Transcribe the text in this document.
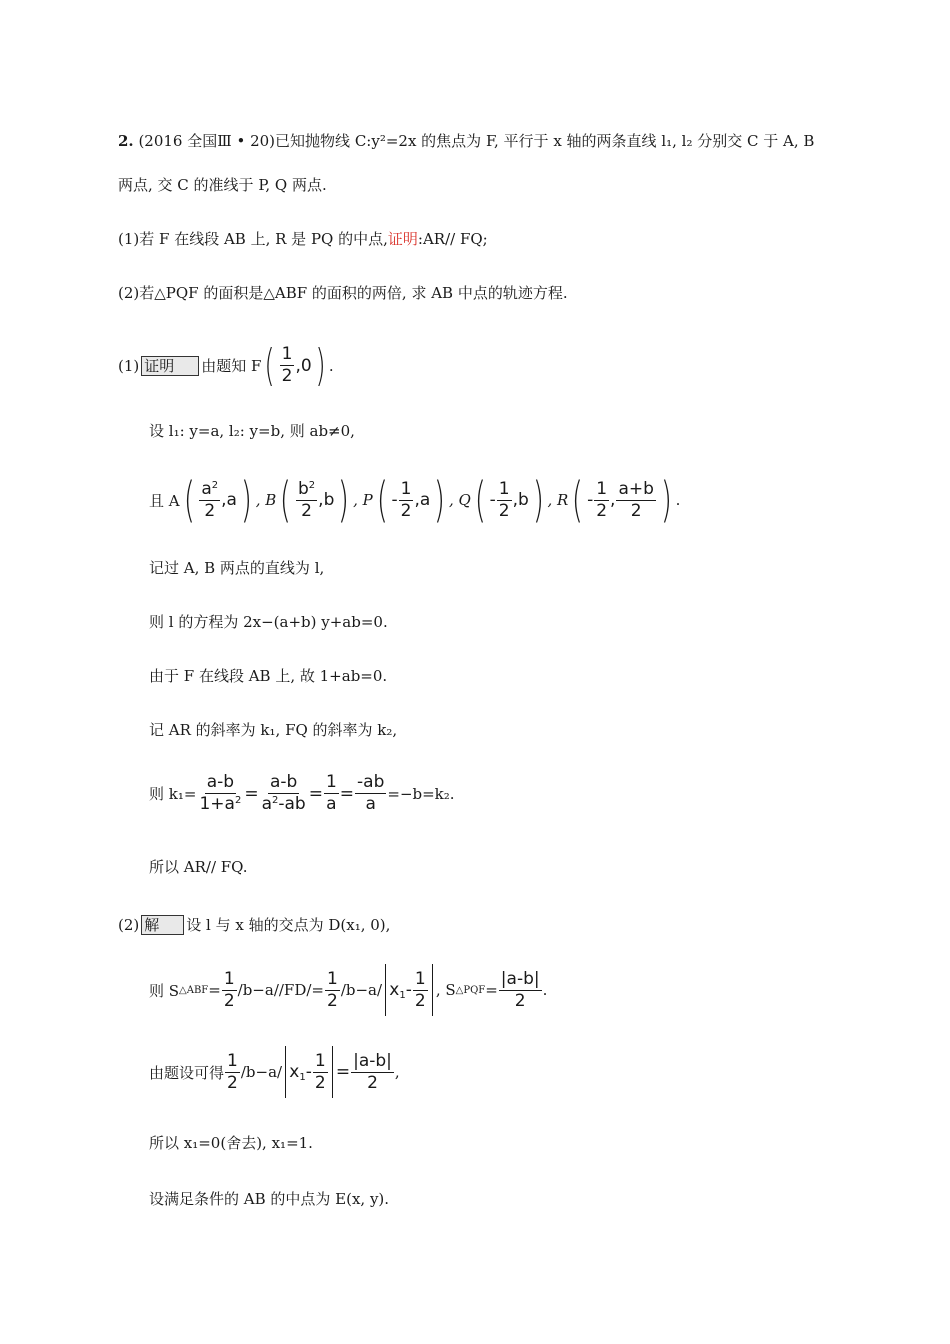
2. (2016 全国Ⅲ • 20)已知抛物线 C:y²=2x 的焦点为 F, 平行于 x 轴的两条直线 l₁, l₂ 分别交 C 于 A, B
两点, 交 C 的准线于 P, Q 两点.
(1)若 F 在线段 AB 上, R 是 PQ 的中点,证明:AR// FQ;
(2)若△PQF 的面积是△ABF 的面积的两倍, 求 AB 中点的轨迹方程.
(1) 证明	由题知 F ( $\frac{1}{2} ,0$ ) .
设 l₁: y=a, l₂: y=b, 则 ab≠0,
且 A ( $\frac{a^2}{2} ,a$ ) , B ( $\frac{b^2}{2} ,b$ ) , P ( - $\frac{1}{2} ,a$ ) , Q ( - $\frac{1}{2} ,b$ ) , R ( - $\frac{1}{2}$ , $\frac{a+b}{2}$ ) .
记过 A, B 两点的直线为 l,
则 l 的方程为 2x−(a+b) y+ab=0.
由于 F 在线段 AB 上, 故 1+ab=0.
记 AR 的斜率为 k₁, FQ 的斜率为 k₂,
则 $k_1= \frac{a-b}{1+a^2} = \frac{a-b}{a^2-ab} = \frac{1}{a} = \frac{-ab}{a} =-b=k_2$.
所以 AR// FQ.
(2) 解	设 l 与 x 轴的交点为 D(x₁, 0),
则 S △ABF = $\frac{1}{2} /b-a//FD/= \frac{1}{2} /b-a/$ $x_1- \frac{1}{2}$ , S △PQF = $\frac{|a-b|}{2}$ .
由题设可得 $\frac{1}{2} /b-a/$ $x_1- \frac{1}{2} = \frac{|a-b|}{2}$ ,
所以 x₁=0(舍去), x₁=1.
设满足条件的 AB 的中点为 E(x, y).
